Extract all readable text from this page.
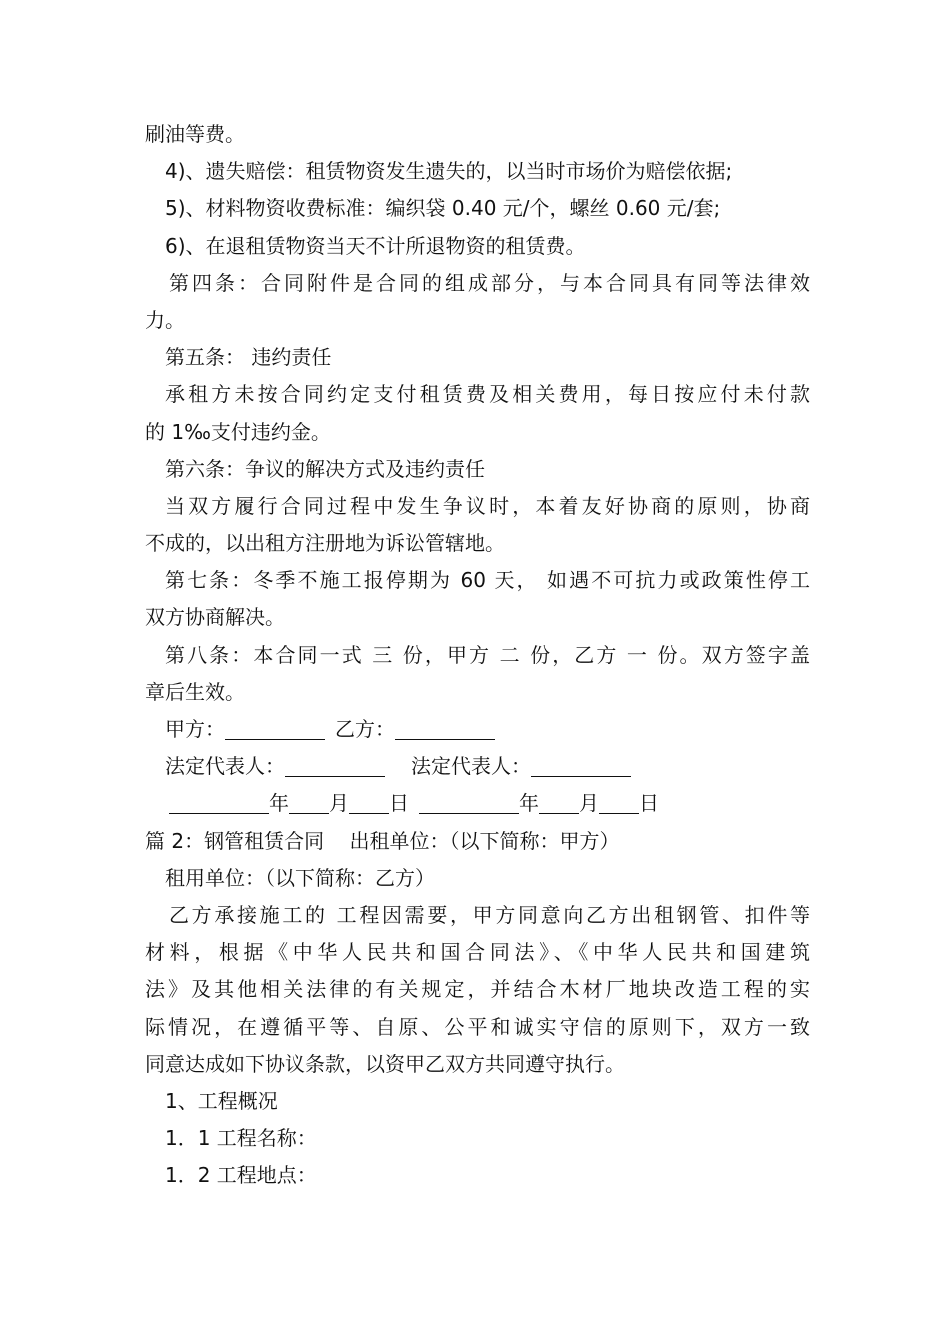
刷油等费。
4)、遗失赔偿：租赁物资发生遗失的，以当时市场价为赔偿依据;
5)、材料物资收费标准：编织袋 0.40 元/个，螺丝 0.60 元/套;
6)、在退租赁物资当天不计所退物资的租赁费。
第四条：合同附件是合同的组成部分，与本合同具有同等法律效
力。
第五条： 违约责任
承租方未按合同约定支付租赁费及相关费用，每日按应付未付款
的 1‰支付违约金。
第六条：争议的解决方式及违约责任
当双方履行合同过程中发生争议时，本着友好协商的原则，协商
不成的，以出租方注册地为诉讼管辖地。
第七条：冬季不施工报停期为 60 天， 如遇不可抗力或政策性停工
双方协商解决。
第八条：本合同一式 三 份，甲方 二 份，乙方 一 份。双方签字盖
章后生效。
甲方：	乙方：
法定代表人：	法定代表人：
年 月 日	年 月 日
篇 2：钢管租赁合同    出租单位：（以下简称：甲方）
租用单位：（以下简称：乙方）
乙方承接施工的 工程因需要，甲方同意向乙方出租钢管、扣件等
材料，根据《中华人民共和国合同法》、《中华人民共和国建筑
法》及其他相关法律的有关规定，并结合木材厂地块改造工程的实
际情况，在遵循平等、自原、公平和诚实守信的原则下，双方一致
同意达成如下协议条款，以资甲乙双方共同遵守执行。
1、工程概况
1．1 工程名称：
1．2 工程地点：
